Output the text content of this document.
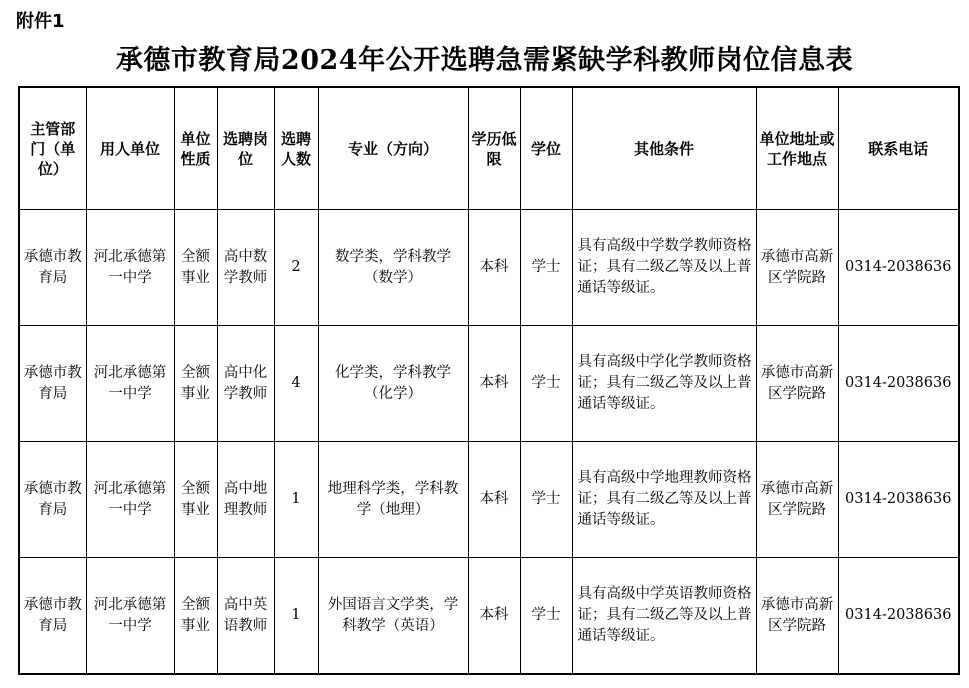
附件1
承德市教育局2024年公开选聘急需紧缺学科教师岗位信息表
主管部门（单位）	用人单位	单位性质	选聘岗位	选聘人数	专业（方向）	学历低限	学位	其他条件	单位地址或工作地点	联系电话
承德市教育局	河北承德第一中学	全额事业	高中数学教师	2	数学类，学科教学（数学）	本科	学士	具有高级中学数学教师资格证；具有二级乙等及以上普通话等级证。	承德市高新区学院路	0314-2038636
承德市教育局	河北承德第一中学	全额事业	高中化学教师	4	化学类，学科教学（化学）	本科	学士	具有高级中学化学教师资格证；具有二级乙等及以上普通话等级证。	承德市高新区学院路	0314-2038636
承德市教育局	河北承德第一中学	全额事业	高中地理教师	1	地理科学类，学科教学（地理）	本科	学士	具有高级中学地理教师资格证；具有二级乙等及以上普通话等级证。	承德市高新区学院路	0314-2038636
承德市教育局	河北承德第一中学	全额事业	高中英语教师	1	外国语言文学类，学科教学（英语）	本科	学士	具有高级中学英语教师资格证；具有二级乙等及以上普通话等级证。	承德市高新区学院路	0314-2038636
